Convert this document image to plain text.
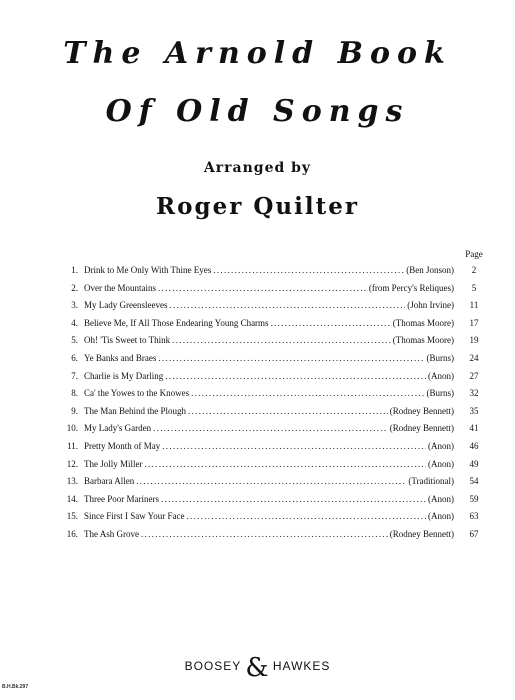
The Arnold Book
Of Old Songs
Arranged by
Roger Quilter
Page
1. Drink to Me Only With Thine Eyes .....	(Ben Jonson)	2
2. Over the Mountains .....	(from Percy's Reliques)	5
3. My Lady Greensleeves .....	(John Irvine)	11
4. Believe Me, If All Those Endearing Young Charms .....	(Thomas Moore)	17
5. Oh! 'Tis Sweet to Think .....	(Thomas Moore)	19
6. Ye Banks and Braes .....	(Burns)	24
7. Charlie is My Darling .....	(Anon)	27
8. Ca' the Yowes to the Knowes .....	(Burns)	32
9. The Man Behind the Plough .....	(Rodney Bennett)	35
10. My Lady's Garden .....	(Rodney Bennett)	41
11. Pretty Month of May .....	(Anon)	46
12. The Jolly Miller .....	(Anon)	49
13. Barbara Allen .....	(Traditional)	54
14. Three Poor Mariners .....	(Anon)	59
15. Since First I Saw Your Face .....	(Anon)	63
16. The Ash Grove .....	(Rodney Bennett)	67
BOOSEY & HAWKES
B.H.Bk.297
